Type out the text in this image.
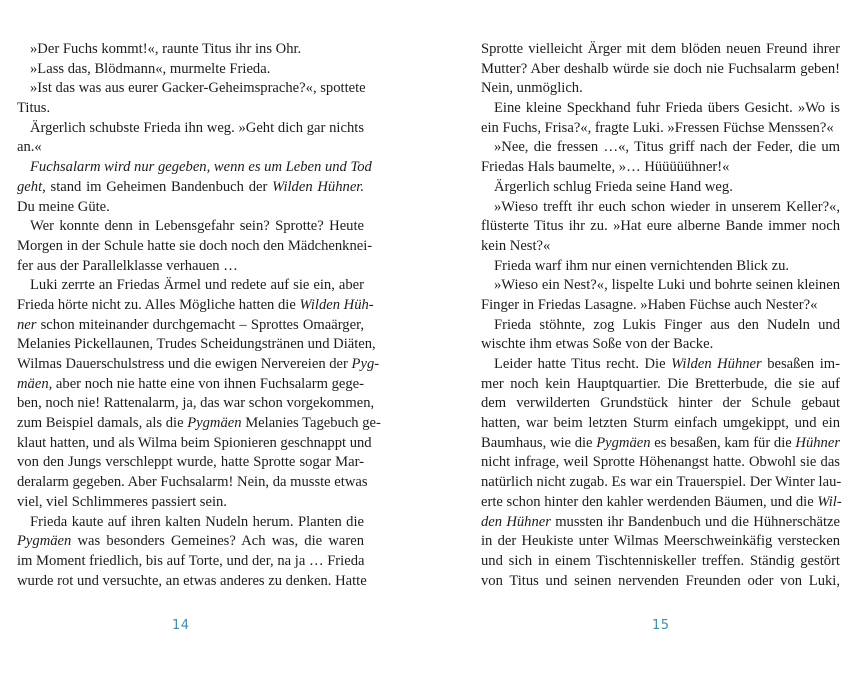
»Der Fuchs kommt!«, raunte Titus ihr ins Ohr.
»Lass das, Blödmann«, murmelte Frieda.
»Ist das was aus eurer Gacker-Geheimsprache?«, spottete
Titus.
Ärgerlich schubste Frieda ihn weg. »Geht dich gar nichts
an.«
Fuchsalarm wird nur gegeben, wenn es um Leben und Tod
geht, stand im Geheimen Bandenbuch der Wilden Hühner.
Du meine Güte.
Wer konnte denn in Lebensgefahr sein? Sprotte? Heute
Morgen in der Schule hatte sie doch noch den Mädchenknei-
fer aus der Parallelklasse verhauen …
Luki zerrte an Friedas Ärmel und redete auf sie ein, aber
Frieda hörte nicht zu. Alles Mögliche hatten die Wilden Hüh-
ner schon miteinander durchgemacht – Sprottes Omaärger,
Melanies Pickellaunen, Trudes Scheidungstränen und Diäten,
Wilmas Dauerschulstress und die ewigen Nervereien der Pyg-
mäen, aber noch nie hatte eine von ihnen Fuchsalarm gege-
ben, noch nie! Rattenalarm, ja, das war schon vorgekommen,
zum Beispiel damals, als die Pygmäen Melanies Tagebuch ge-
klaut hatten, und als Wilma beim Spionieren geschnappt und
von den Jungs verschleppt wurde, hatte Sprotte sogar Mar-
deralarm gegeben. Aber Fuchsalarm! Nein, da musste etwas
viel, viel Schlimmeres passiert sein.
Frieda kaute auf ihren kalten Nudeln herum. Planten die
Pygmäen was besonders Gemeines? Ach was, die waren
im Moment friedlich, bis auf Torte, und der, na ja … Frieda
wurde rot und versuchte, an etwas anderes zu denken. Hatte
14
Sprotte vielleicht Ärger mit dem blöden neuen Freund ihrer
Mutter? Aber deshalb würde sie doch nie Fuchsalarm geben!
Nein, unmöglich.
Eine kleine Speckhand fuhr Frieda übers Gesicht. »Wo is
ein Fuchs, Frisa?«, fragte Luki. »Fressen Füchse Menssen?«
»Nee, die fressen …«, Titus griff nach der Feder, die um
Friedas Hals baumelte, »… Hüüüüühner!«
Ärgerlich schlug Frieda seine Hand weg.
»Wieso trefft ihr euch schon wieder in unserem Keller?«,
flüsterte Titus ihr zu. »Hat eure alberne Bande immer noch
kein Nest?«
Frieda warf ihm nur einen vernichtenden Blick zu.
»Wieso ein Nest?«, lispelte Luki und bohrte seinen kleinen
Finger in Friedas Lasagne. »Haben Füchse auch Nester?«
Frieda stöhnte, zog Lukis Finger aus den Nudeln und
wischte ihm etwas Soße von der Backe.
Leider hatte Titus recht. Die Wilden Hühner besaßen im-
mer noch kein Hauptquartier. Die Bretterbude, die sie auf
dem verwilderten Grundstück hinter der Schule gebaut
hatten, war beim letzten Sturm einfach umgekippt, und ein
Baumhaus, wie die Pygmäen es besaßen, kam für die Hühner
nicht infrage, weil Sprotte Höhenangst hatte. Obwohl sie das
natürlich nicht zugab. Es war ein Trauerspiel. Der Winter lau-
erte schon hinter den kahler werdenden Bäumen, und die Wil-
den Hühner mussten ihr Bandenbuch und die Hühnerschätze
in der Heukiste unter Wilmas Meerschweinkäfig verstecken
und sich in einem Tischtenniskeller treffen. Ständig gestört
von Titus und seinen nervenden Freunden oder von Luki,
15
